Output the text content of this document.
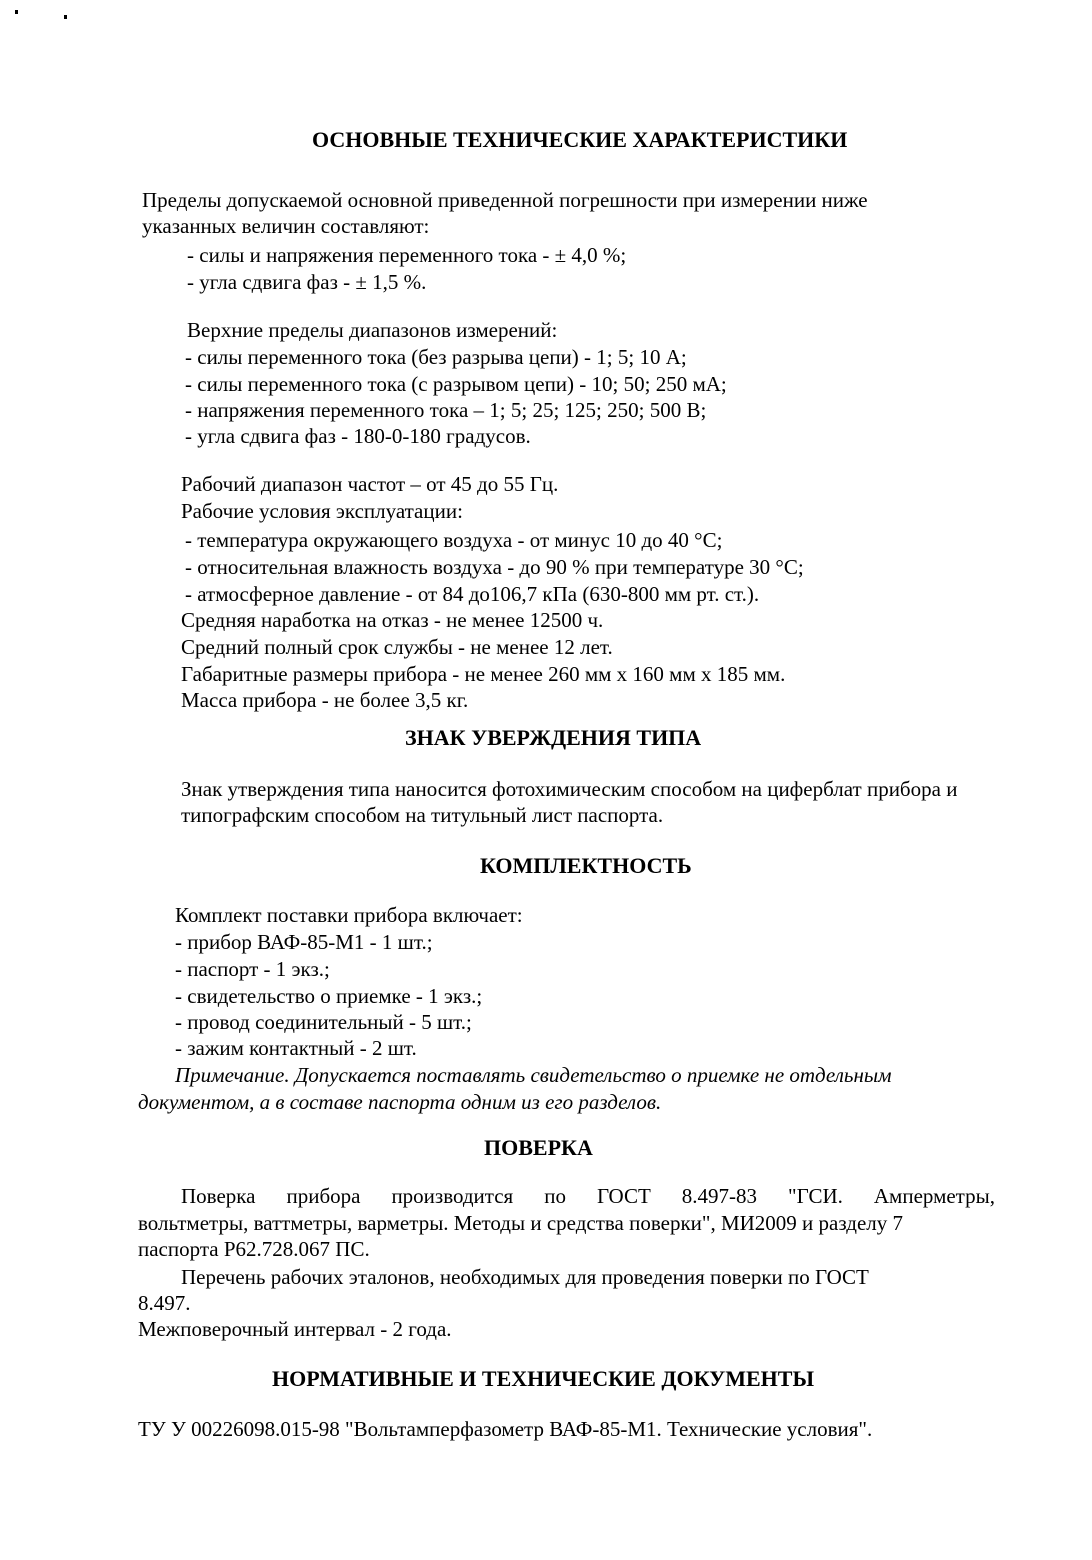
ОСНОВНЫЕ ТЕХНИЧЕСКИЕ ХАРАКТЕРИСТИКИ
Пределы допускаемой основной приведенной погрешности при измерении ниже
указанных величин составляют:
- силы и напряжения переменного тока - ± 4,0 %;
- угла сдвига фаз - ± 1,5 %.
Верхние пределы диапазонов измерений:
- силы переменного тока (без разрыва цепи) - 1; 5; 10 А;
- силы переменного тока (с разрывом цепи) - 10; 50; 250 мА;
- напряжения переменного тока – 1; 5; 25; 125; 250; 500 В;
- угла сдвига фаз - 180-0-180 градусов.
Рабочий диапазон частот – от 45 до 55 Гц.
Рабочие условия эксплуатации:
- температура окружающего воздуха - от минус 10 до 40 °С;
- относительная влажность воздуха - до 90 % при температуре 30 °С;
- атмосферное давление - от 84 до106,7 кПа (630-800 мм рт. ст.).
Средняя наработка на отказ - не менее 12500 ч.
Средний полный срок службы - не менее 12 лет.
Габаритные размеры прибора - не менее 260 мм х 160 мм х 185 мм.
Масса прибора - не более 3,5 кг.
ЗНАК УВЕРЖДЕНИЯ ТИПА
Знак утверждения типа наносится фотохимическим способом на циферблат прибора и
типографским способом на титульный лист паспорта.
КОМПЛЕКТНОСТЬ
Комплект поставки прибора включает:
- прибор ВАФ-85-М1 - 1 шт.;
- паспорт - 1 экз.;
- свидетельство о приемке - 1 экз.;
- провод соединительный - 5 шт.;
- зажим контактный - 2 шт.
Примечание. Допускается поставлять свидетельство о приемке не отдельным
документом, а в составе паспорта одним из его разделов.
ПОВЕРКА
Поверка прибора производится по ГОСТ 8.497-83 "ГСИ. Амперметры,
вольтметры, ваттметры, варметры. Методы и средства поверки", МИ2009 и разделу 7
паспорта Р62.728.067 ПС.
Перечень рабочих эталонов, необходимых для проведения поверки по ГОСТ
8.497.
Межповерочный интервал - 2 года.
НОРМАТИВНЫЕ И ТЕХНИЧЕСКИЕ ДОКУМЕНТЫ
ТУ У 00226098.015-98 "Вольтамперфазометр ВАФ-85-М1. Технические условия".
